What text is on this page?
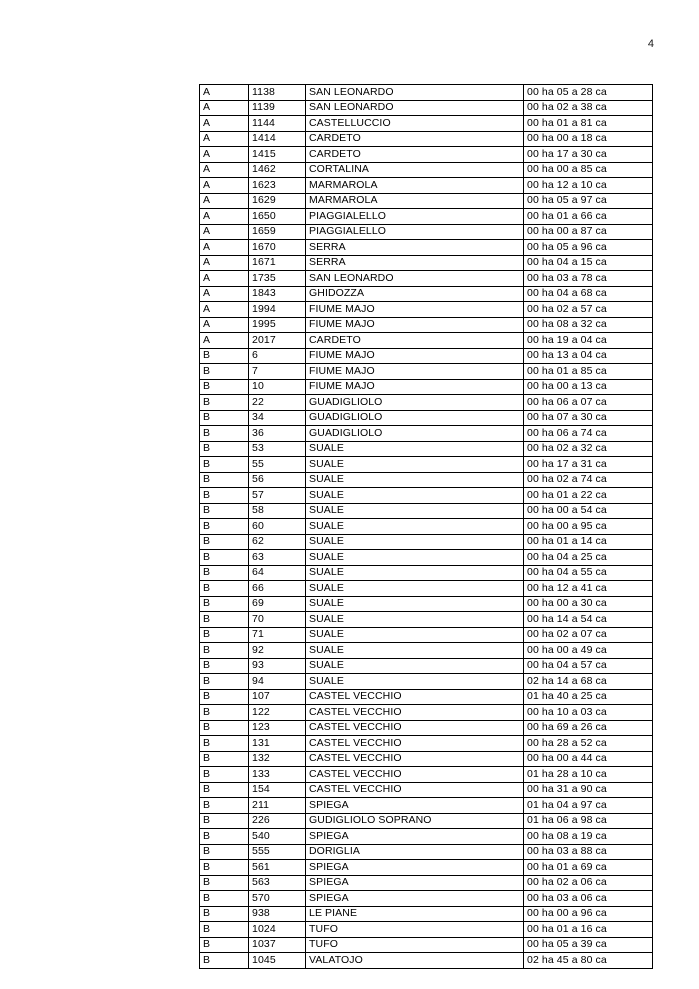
4
A	1138	SAN LEONARDO	00 ha 05 a 28 ca
A	1139	SAN LEONARDO	00 ha 02 a 38 ca
A	1144	CASTELLUCCIO	00 ha 01 a 81 ca
A	1414	CARDETO	00 ha 00 a 18 ca
A	1415	CARDETO	00 ha 17 a 30 ca
A	1462	CORTALINA	00 ha 00 a 85 ca
A	1623	MARMAROLA	00 ha 12 a 10 ca
A	1629	MARMAROLA	00 ha 05 a 97 ca
A	1650	PIAGGIALELLO	00 ha 01 a 66 ca
A	1659	PIAGGIALELLO	00 ha 00 a 87 ca
A	1670	SERRA	00 ha 05 a 96 ca
A	1671	SERRA	00 ha 04 a 15 ca
A	1735	SAN LEONARDO	00 ha 03 a 78 ca
A	1843	GHIDOZZA	00 ha 04 a 68 ca
A	1994	FIUME MAJO	00 ha 02 a 57 ca
A	1995	FIUME MAJO	00 ha 08 a 32 ca
A	2017	CARDETO	00 ha 19 a 04 ca
B	6	FIUME MAJO	00 ha 13 a 04 ca
B	7	FIUME MAJO	00 ha 01 a 85 ca
B	10	FIUME MAJO	00 ha 00 a 13 ca
B	22	GUADIGLIOLO	00 ha 06 a 07 ca
B	34	GUADIGLIOLO	00 ha 07 a 30 ca
B	36	GUADIGLIOLO	00 ha 06 a 74 ca
B	53	SUALE	00 ha 02 a 32 ca
B	55	SUALE	00 ha 17 a 31 ca
B	56	SUALE	00 ha 02 a 74 ca
B	57	SUALE	00 ha 01 a 22 ca
B	58	SUALE	00 ha 00 a 54 ca
B	60	SUALE	00 ha 00 a 95 ca
B	62	SUALE	00 ha 01 a 14 ca
B	63	SUALE	00 ha 04 a 25 ca
B	64	SUALE	00 ha 04 a 55 ca
B	66	SUALE	00 ha 12 a 41 ca
B	69	SUALE	00 ha 00 a 30 ca
B	70	SUALE	00 ha 14 a 54 ca
B	71	SUALE	00 ha 02 a 07 ca
B	92	SUALE	00 ha 00 a 49 ca
B	93	SUALE	00 ha 04 a 57 ca
B	94	SUALE	02 ha 14 a 68 ca
B	107	CASTEL VECCHIO	01 ha 40 a 25 ca
B	122	CASTEL VECCHIO	00 ha 10 a 03 ca
B	123	CASTEL VECCHIO	00 ha 69 a 26 ca
B	131	CASTEL VECCHIO	00 ha 28 a 52 ca
B	132	CASTEL VECCHIO	00 ha 00 a 44 ca
B	133	CASTEL VECCHIO	01 ha 28 a 10 ca
B	154	CASTEL VECCHIO	00 ha 31 a 90 ca
B	211	SPIEGA	01 ha 04 a 97 ca
B	226	GUDIGLIOLO SOPRANO	01 ha 06 a 98 ca
B	540	SPIEGA	00 ha 08 a 19 ca
B	555	DORIGLIA	00 ha 03 a 88 ca
B	561	SPIEGA	00 ha 01 a 69 ca
B	563	SPIEGA	00 ha 02 a 06 ca
B	570	SPIEGA	00 ha 03 a 06 ca
B	938	LE PIANE	00 ha 00 a 96 ca
B	1024	TUFO	00 ha 01 a 16 ca
B	1037	TUFO	00 ha 05 a 39 ca
B	1045	VALATOJO	02 ha 45 a 80 ca
